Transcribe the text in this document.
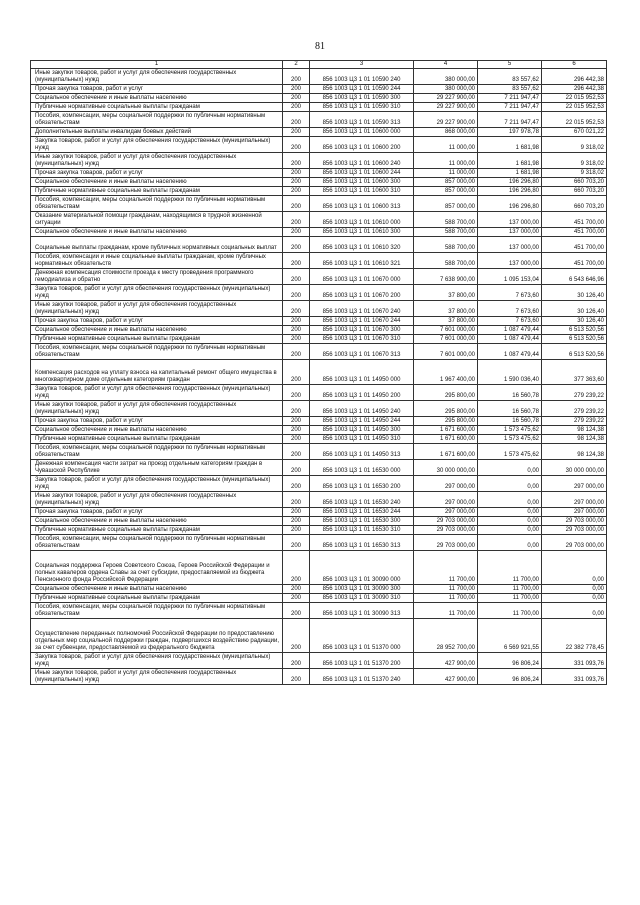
81
1	2	3	4	5	6
Иные закупки товаров, работ и услуг для обеспечения государственных (муниципальных) нужд	200	856 1003 Ц3 1 01 10590 240	380 000,00	83 557,62	296 442,38
Прочая закупка товаров, работ и услуг	200	856 1003 Ц3 1 01 10590 244	380 000,00	83 557,62	296 442,38
Социальное обеспечение и иные выплаты населению	200	856 1003 Ц3 1 01 10590 300	29 227 900,00	7 211 947,47	22 015 952,53
Публичные нормативные социальные выплаты гражданам	200	856 1003 Ц3 1 01 10590 310	29 227 900,00	7 211 947,47	22 015 952,53
Пособия, компенсации, меры социальной поддержки по публичным нормативным обязательствам	200	856 1003 Ц3 1 01 10590 313	29 227 900,00	7 211 947,47	22 015 952,53
Дополнительные выплаты инвалидам боевых действий	200	856 1003 Ц3 1 01 10600 000	868 000,00	197 978,78	670 021,22
Закупка товаров, работ и услуг для обеспечения государственных (муниципальных) нужд	200	856 1003 Ц3 1 01 10600 200	11 000,00	1 681,98	9 318,02
Иные закупки товаров, работ и услуг для обеспечения государственных (муниципальных) нужд	200	856 1003 Ц3 1 01 10600 240	11 000,00	1 681,98	9 318,02
Прочая закупка товаров, работ и услуг	200	856 1003 Ц3 1 01 10600 244	11 000,00	1 681,98	9 318,02
Социальное обеспечение и иные выплаты населению	200	856 1003 Ц3 1 01 10600 300	857 000,00	196 296,80	660 703,20
Публичные нормативные социальные выплаты гражданам	200	856 1003 Ц3 1 01 10600 310	857 000,00	196 296,80	660 703,20
Пособия, компенсации, меры социальной поддержки по публичным нормативным обязательствам	200	856 1003 Ц3 1 01 10600 313	857 000,00	196 296,80	660 703,20
Оказание материальной помощи гражданам, находящимся в трудной жизненной ситуации	200	856 1003 Ц3 1 01 10610 000	588 700,00	137 000,00	451 700,00
Социальное обеспечение и иные выплаты населению	200	856 1003 Ц3 1 01 10610 300	588 700,00	137 000,00	451 700,00
Социальные выплаты гражданам, кроме публичных нормативных социальных выплат	200	856 1003 Ц3 1 01 10610 320	588 700,00	137 000,00	451 700,00
Пособия, компенсации и иные социальные выплаты гражданам, кроме публичных нормативных обязательств	200	856 1003 Ц3 1 01 10610 321	588 700,00	137 000,00	451 700,00
Денежная компенсация стоимости проезда к месту проведения программного гемодиализа и обратно	200	856 1003 Ц3 1 01 10670 000	7 638 900,00	1 095 153,04	6 543 646,96
Закупка товаров, работ и услуг для обеспечения государственных (муниципальных) нужд	200	856 1003 Ц3 1 01 10670 200	37 800,00	7 673,60	30 126,40
Иные закупки товаров, работ и услуг для обеспечения государственных (муниципальных) нужд	200	856 1003 Ц3 1 01 10670 240	37 800,00	7 673,60	30 126,40
Прочая закупка товаров, работ и услуг	200	856 1003 Ц3 1 01 10670 244	37 800,00	7 673,60	30 126,40
Социальное обеспечение и иные выплаты населению	200	856 1003 Ц3 1 01 10670 300	7 601 000,00	1 087 479,44	6 513 520,56
Публичные нормативные социальные выплаты гражданам	200	856 1003 Ц3 1 01 10670 310	7 601 000,00	1 087 479,44	6 513 520,56
Пособия, компенсации, меры социальной поддержки по публичным нормативным обязательствам	200	856 1003 Ц3 1 01 10670 313	7 601 000,00	1 087 479,44	6 513 520,56
Компенсация расходов на уплату взноса на капитальный ремонт общего имущества в многоквартирном доме отдельным категориям граждан	200	856 1003 Ц3 1 01 14950 000	1 967 400,00	1 590 036,40	377 363,60
Закупка товаров, работ и услуг для обеспечения государственных (муниципальных) нужд	200	856 1003 Ц3 1 01 14950 200	295 800,00	16 560,78	279 239,22
Иные закупки товаров, работ и услуг для обеспечения государственных (муниципальных) нужд	200	856 1003 Ц3 1 01 14950 240	295 800,00	16 560,78	279 239,22
Прочая закупка товаров, работ и услуг	200	856 1003 Ц3 1 01 14950 244	295 800,00	16 560,78	279 239,22
Социальное обеспечение и иные выплаты населению	200	856 1003 Ц3 1 01 14950 300	1 671 600,00	1 573 475,62	98 124,38
Публичные нормативные социальные выплаты гражданам	200	856 1003 Ц3 1 01 14950 310	1 671 600,00	1 573 475,62	98 124,38
Пособия, компенсации, меры социальной поддержки по публичным нормативным обязательствам	200	856 1003 Ц3 1 01 14950 313	1 671 600,00	1 573 475,62	98 124,38
Денежная компенсация части затрат на проезд отдельным категориям граждан в Чувашской Республике	200	856 1003 Ц3 1 01 16530 000	30 000 000,00	0,00	30 000 000,00
Закупка товаров, работ и услуг для обеспечения государственных (муниципальных) нужд	200	856 1003 Ц3 1 01 16530 200	297 000,00	0,00	297 000,00
Иные закупки товаров, работ и услуг для обеспечения государственных (муниципальных) нужд	200	856 1003 Ц3 1 01 16530 240	297 000,00	0,00	297 000,00
Прочая закупка товаров, работ и услуг	200	856 1003 Ц3 1 01 16530 244	297 000,00	0,00	297 000,00
Социальное обеспечение и иные выплаты населению	200	856 1003 Ц3 1 01 16530 300	29 703 000,00	0,00	29 703 000,00
Публичные нормативные социальные выплаты гражданам	200	856 1003 Ц3 1 01 16530 310	29 703 000,00	0,00	29 703 000,00
Пособия, компенсации, меры социальной поддержки по публичным нормативным обязательствам	200	856 1003 Ц3 1 01 16530 313	29 703 000,00	0,00	29 703 000,00
Социальная поддержка Героев Советского Союза, Героев Российской Федерации и полных кавалеров ордена Славы за счет субсидии, предоставляемой из бюджета Пенсионного фонда Российской Федерации	200	856 1003 Ц3 1 01 30090 000	11 700,00	11 700,00	0,00
Социальное обеспечение и иные выплаты населению	200	856 1003 Ц3 1 01 30090 300	11 700,00	11 700,00	0,00
Публичные нормативные социальные выплаты гражданам	200	856 1003 Ц3 1 01 30090 310	11 700,00	11 700,00	0,00
Пособия, компенсации, меры социальной поддержки по публичным нормативным обязательствам	200	856 1003 Ц3 1 01 30090 313	11 700,00	11 700,00	0,00
Осуществление переданных полномочий Российской Федерации по предоставлению отдельных мер социальной поддержки граждан, подвергшихся воздействию радиации, за счет субвенции, предоставляемой из федерального бюджета	200	856 1003 Ц3 1 01 51370 000	28 952 700,00	6 569 921,55	22 382 778,45
Закупка товаров, работ и услуг для обеспечения государственных (муниципальных) нужд	200	856 1003 Ц3 1 01 51370 200	427 900,00	96 806,24	331 093,76
Иные закупки товаров, работ и услуг для обеспечения государственных (муниципальных) нужд	200	856 1003 Ц3 1 01 51370 240	427 900,00	96 806,24	331 093,76
